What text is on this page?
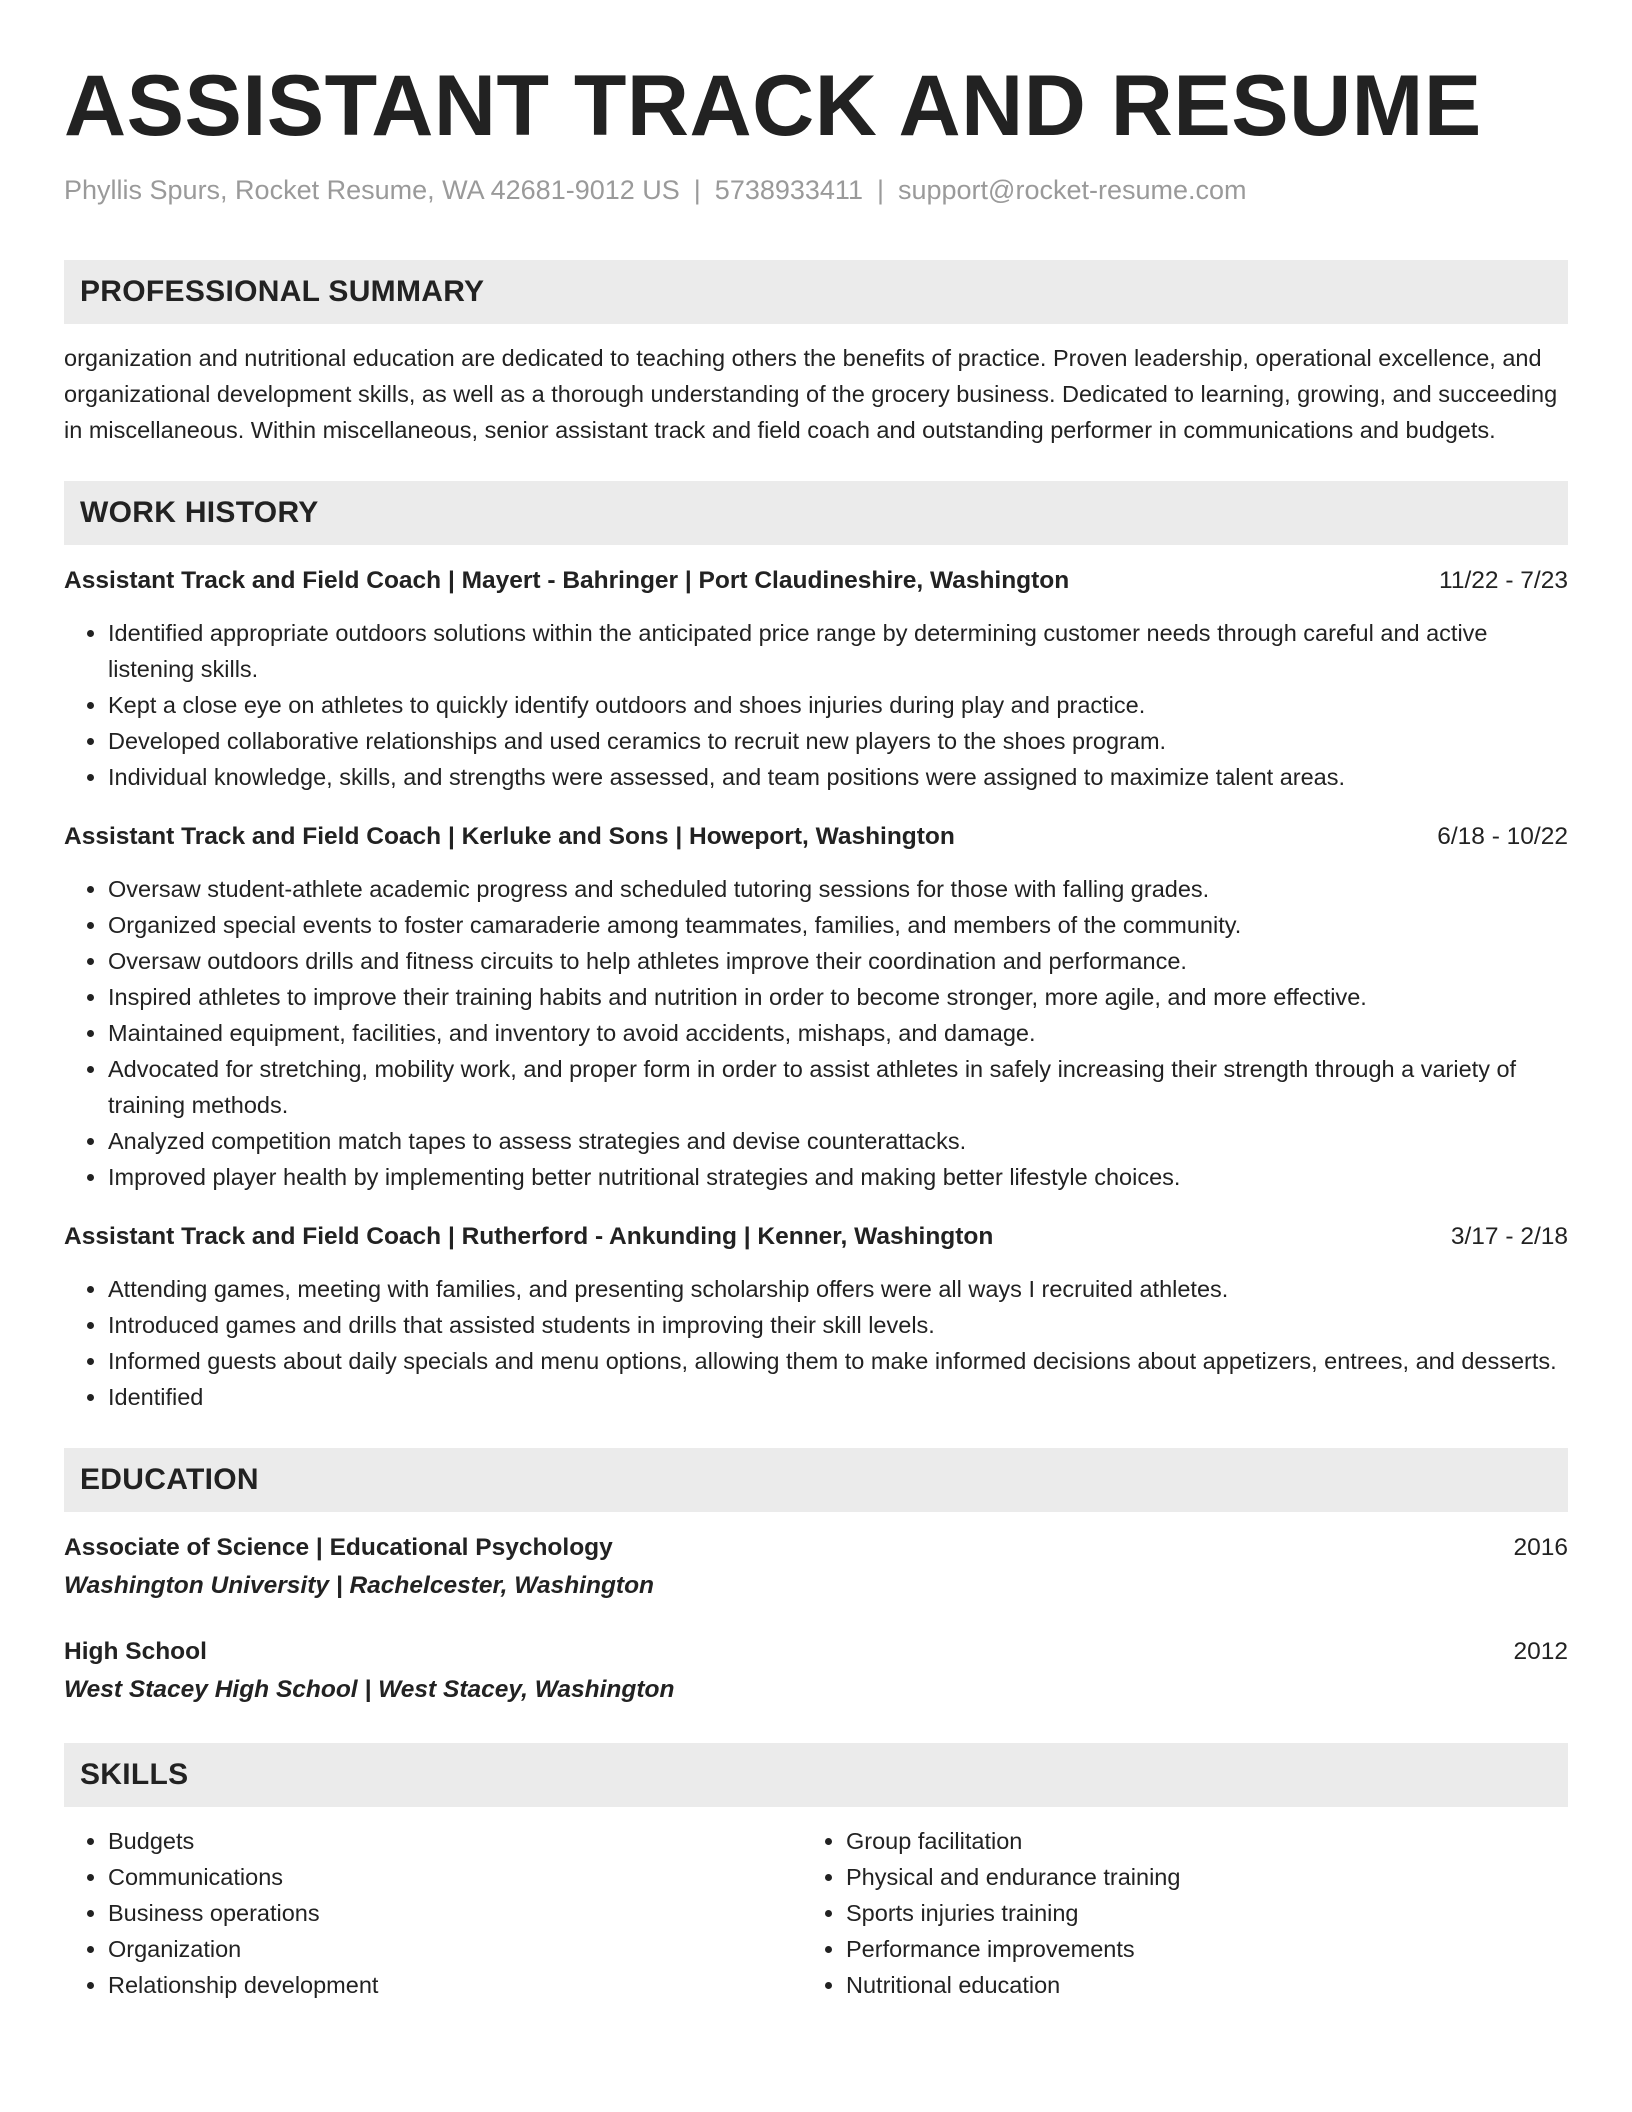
ASSISTANT TRACK AND RESUME
Phyllis Spurs, Rocket Resume, WA 42681-9012 US | 5738933411 | support@rocket-resume.com
PROFESSIONAL SUMMARY

organization and nutritional education are dedicated to teaching others the benefits of practice. Proven leadership, operational excellence, and organizational development skills, as well as a thorough understanding of the grocery business. Dedicated to learning, growing, and succeeding in miscellaneous. Within miscellaneous, senior assistant track and field coach and outstanding performer in communications and budgets.

WORK HISTORY
Assistant Track and Field Coach | Mayert - Bahringer | Port Claudineshire, Washington	11/22 - 7/23
• Identified appropriate outdoors solutions within the anticipated price range by determining customer needs through careful and active listening skills.
• Kept a close eye on athletes to quickly identify outdoors and shoes injuries during play and practice.
• Developed collaborative relationships and used ceramics to recruit new players to the shoes program.
• Individual knowledge, skills, and strengths were assessed, and team positions were assigned to maximize talent areas.
Assistant Track and Field Coach | Kerluke and Sons | Howeport, Washington	6/18 - 10/22
• Oversaw student-athlete academic progress and scheduled tutoring sessions for those with falling grades.
• Organized special events to foster camaraderie among teammates, families, and members of the community.
• Oversaw outdoors drills and fitness circuits to help athletes improve their coordination and performance.
• Inspired athletes to improve their training habits and nutrition in order to become stronger, more agile, and more effective.
• Maintained equipment, facilities, and inventory to avoid accidents, mishaps, and damage.
• Advocated for stretching, mobility work, and proper form in order to assist athletes in safely increasing their strength through a variety of training methods.
• Analyzed competition match tapes to assess strategies and devise counterattacks.
• Improved player health by implementing better nutritional strategies and making better lifestyle choices.
Assistant Track and Field Coach | Rutherford - Ankunding | Kenner, Washington	3/17 - 2/18
• Attending games, meeting with families, and presenting scholarship offers were all ways I recruited athletes.
• Introduced games and drills that assisted students in improving their skill levels.
• Informed guests about daily specials and menu options, allowing them to make informed decisions about appetizers, entrees, and desserts.
• Identified
EDUCATION
Associate of Science | Educational Psychology	2016
Washington University | Rachelcester, Washington
High School	2012
West Stacey High School | West Stacey, Washington
SKILLS
• Budgets
• Communications
• Business operations
• Organization
• Relationship development
• Group facilitation
• Physical and endurance training
• Sports injuries training
• Performance improvements
• Nutritional education
